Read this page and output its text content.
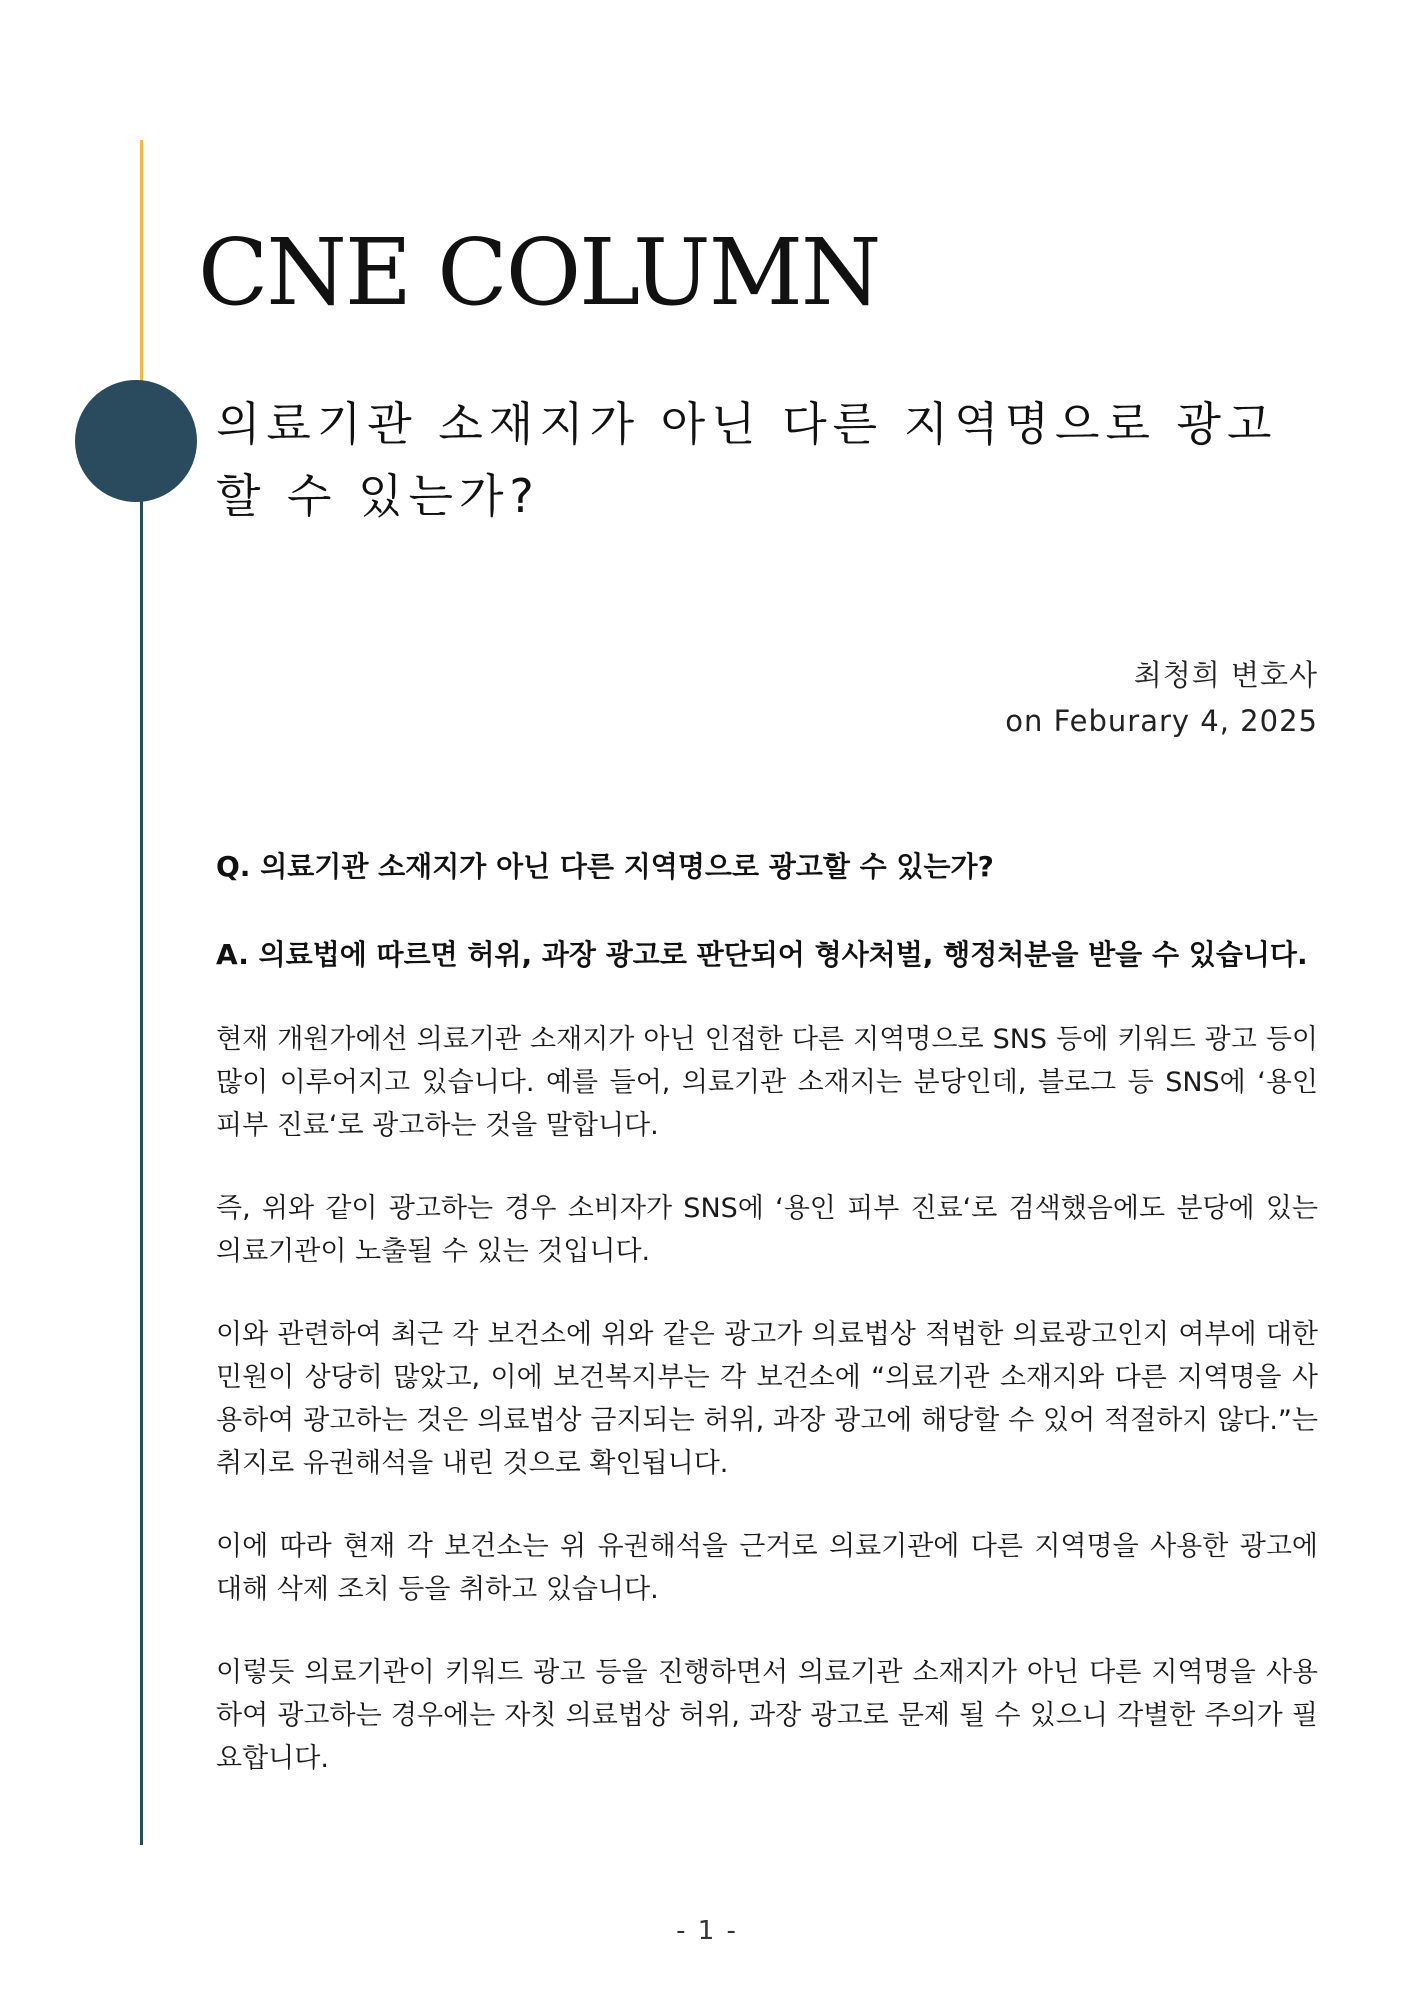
CNE COLUMN
의료기관 소재지가 아닌 다른 지역명으로 광고할 수 있는가?
최청희 변호사
on Feburary 4, 2025

Q. 의료기관 소재지가 아닌 다른 지역명으로 광고할 수 있는가?

A. 의료법에 따르면 허위, 과장 광고로 판단되어 형사처벌, 행정처분을 받을 수 있습니다.

현재 개원가에선 의료기관 소재지가 아닌 인접한 다른 지역명으로 SNS 등에 키워드 광고 등이 많이 이루어지고 있습니다. 예를 들어, 의료기관 소재지는 분당인데, 블로그 등 SNS에 ‘용인 피부 진료‘로 광고하는 것을 말합니다.

즉, 위와 같이 광고하는 경우 소비자가 SNS에 ‘용인 피부 진료‘로 검색했음에도 분당에 있는 의료기관이 노출될 수 있는 것입니다.

이와 관련하여 최근 각 보건소에 위와 같은 광고가 의료법상 적법한 의료광고인지 여부에 대한 민원이 상당히 많았고, 이에 보건복지부는 각 보건소에 “의료기관 소재지와 다른 지역명을 사용하여 광고하는 것은 의료법상 금지되는 허위, 과장 광고에 해당할 수 있어 적절하지 않다.”는 취지로 유권해석을 내린 것으로 확인됩니다.

이에 따라 현재 각 보건소는 위 유권해석을 근거로 의료기관에 다른 지역명을 사용한 광고에 대해 삭제 조치 등을 취하고 있습니다.

이렇듯 의료기관이 키워드 광고 등을 진행하면서 의료기관 소재지가 아닌 다른 지역명을 사용하여 광고하는 경우에는 자칫 의료법상 허위, 과장 광고로 문제 될 수 있으니 각별한 주의가 필요합니다.

- 1 -
